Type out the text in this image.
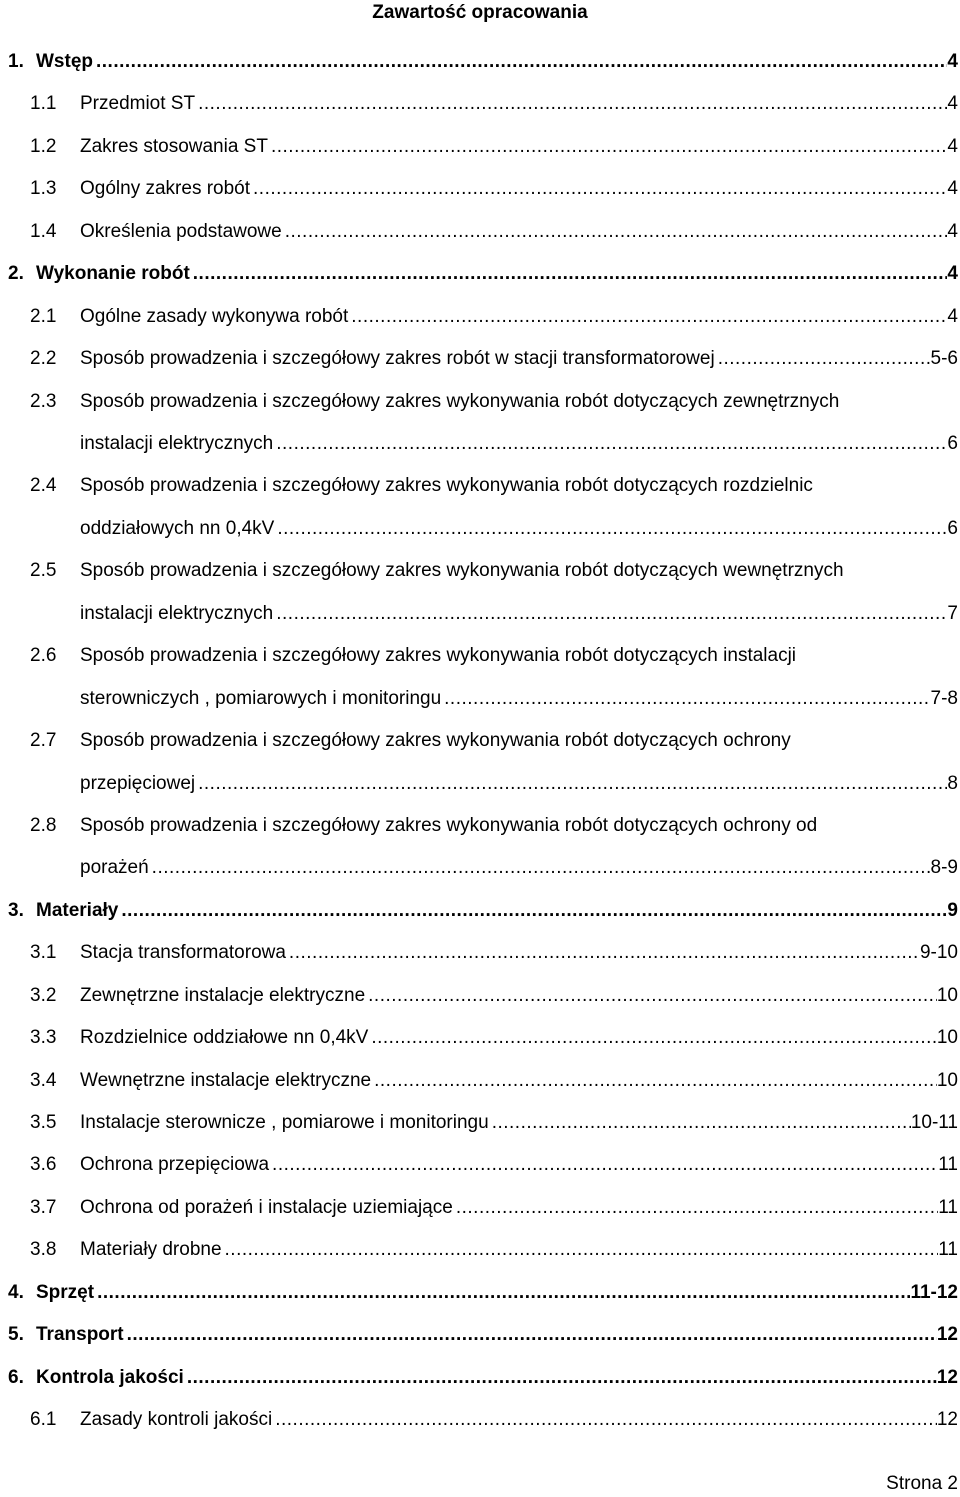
Zawartość opracowania
1. Wstęp .....	4
1.1 Przedmiot ST .....	4
1.2 Zakres stosowania ST .....	4
1.3 Ogólny zakres robót .....	4
1.4 Określenia podstawowe .....	4
2. Wykonanie robót .....	4
2.1 Ogólne zasady wykonywa robót .....	4
2.2 Sposób prowadzenia i szczegółowy zakres robót w stacji transformatorowej .....	5-6
2.3 Sposób prowadzenia i szczegółowy zakres wykonywania robót dotyczących zewnętrznych
instalacji elektrycznych .....	6
2.4 Sposób prowadzenia i szczegółowy zakres wykonywania robót dotyczących rozdzielnic
oddziałowych nn 0,4kV .....	6
2.5 Sposób prowadzenia i szczegółowy zakres wykonywania robót dotyczących wewnętrznych
instalacji elektrycznych .....	7
2.6 Sposób prowadzenia i szczegółowy zakres wykonywania robót dotyczących instalacji
sterowniczych , pomiarowych i monitoringu .....	7-8
2.7 Sposób prowadzenia i szczegółowy zakres wykonywania robót dotyczących ochrony
przepięciowej .....	8
2.8 Sposób prowadzenia i szczegółowy zakres wykonywania robót dotyczących ochrony od
porażeń .....	8-9
3. Materiały .....	9
3.1 Stacja transformatorowa .....	9-10
3.2 Zewnętrzne instalacje elektryczne .....	10
3.3 Rozdzielnice oddziałowe nn 0,4kV .....	10
3.4 Wewnętrzne instalacje elektryczne .....	10
3.5 Instalacje sterownicze , pomiarowe i monitoringu .....	10-11
3.6 Ochrona przepięciowa .....	11
3.7 Ochrona od porażeń i instalacje uziemiające .....	11
3.8 Materiały drobne .....	11
4. Sprzęt .....	11-12
5. Transport .....	12
6. Kontrola jakości .....	12
6.1 Zasady kontroli jakości .....	12
Strona 2
